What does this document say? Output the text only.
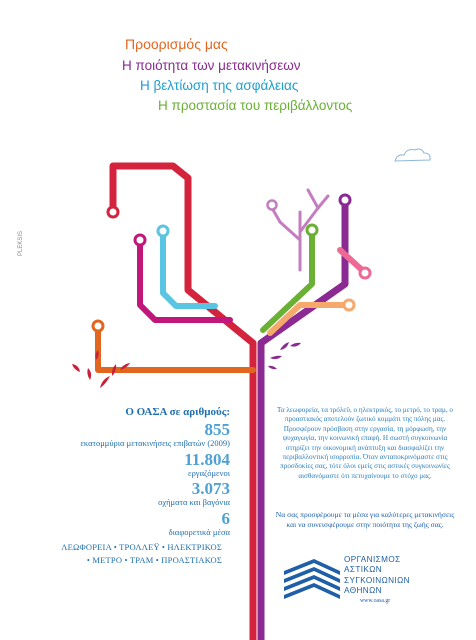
Προορισμός μας
Η ποιότητα των μετακινήσεων
Η βελτίωση της ασφάλειας
Η προστασία του περιβάλλοντος
PLEKSIS
Ο ΟΑΣΑ σε αριθμούς:
855
εκατομμύρια μετακινήσεις επιβατών (2009)
11.804
εργαζόμενοι
3.073
οχήματα και βαγόνια
6
διαφορετικά μέσα
ΛΕΩΦΟΡΕΙΑ • ΤΡΟΛΛΕΫ • ΗΛΕΚΤΡΙΚΟΣ
• ΜΕΤΡΟ • ΤΡΑΜ • ΠΡΟΑΣΤΙΑΚΟΣ
Τα λεωφορεία, τα τρόλεϋ, ο ηλεκτρικός, το μετρό, το τραμ, ο προαστιακός αποτελούν ζωτικό κομμάτι της πόλης μας. Προσφέρουν πρόσβαση στην εργασία, τη μόρφωση, την ψυχαγωγία, την κοινωνική επαφή. Η σωστή συγκοινωνία στηρίζει την οικονομική ανάπτυξη και διασφαλίζει την περιβαλλοντική ισορροπία. Όταν ανταποκρινόμαστε στις προσδοκίες σας, τότε όλοι εμείς στις αστικές συγκοινωνίες αισθανόμαστε ότι πετυχαίνουμε το στόχο μας.
Να σας προσφέρουμε τα μέσα για καλύτερες μετακινήσεις και να συνεισφέρουμε στην ποιότητα της ζωής σας.
ΟΡΓΑΝΙΣΜΟΣ
ΑΣΤΙΚΩΝ
ΣΥΓΚΟΙΝΩΝΙΩΝ
ΑΘΗΝΩΝ
www.oasa.gr
